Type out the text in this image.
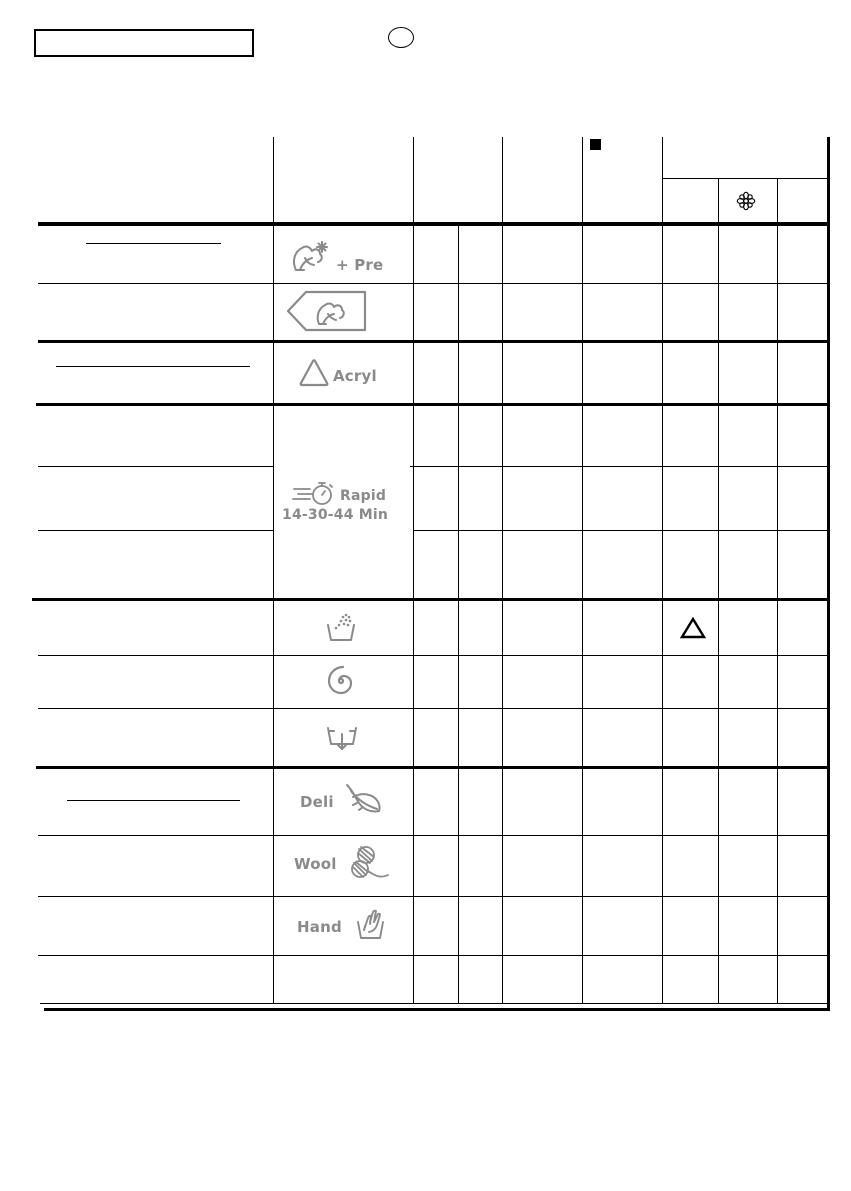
+ Pre
Acryl
Rapid
14-30-44 Min
Deli
Wool
Hand
